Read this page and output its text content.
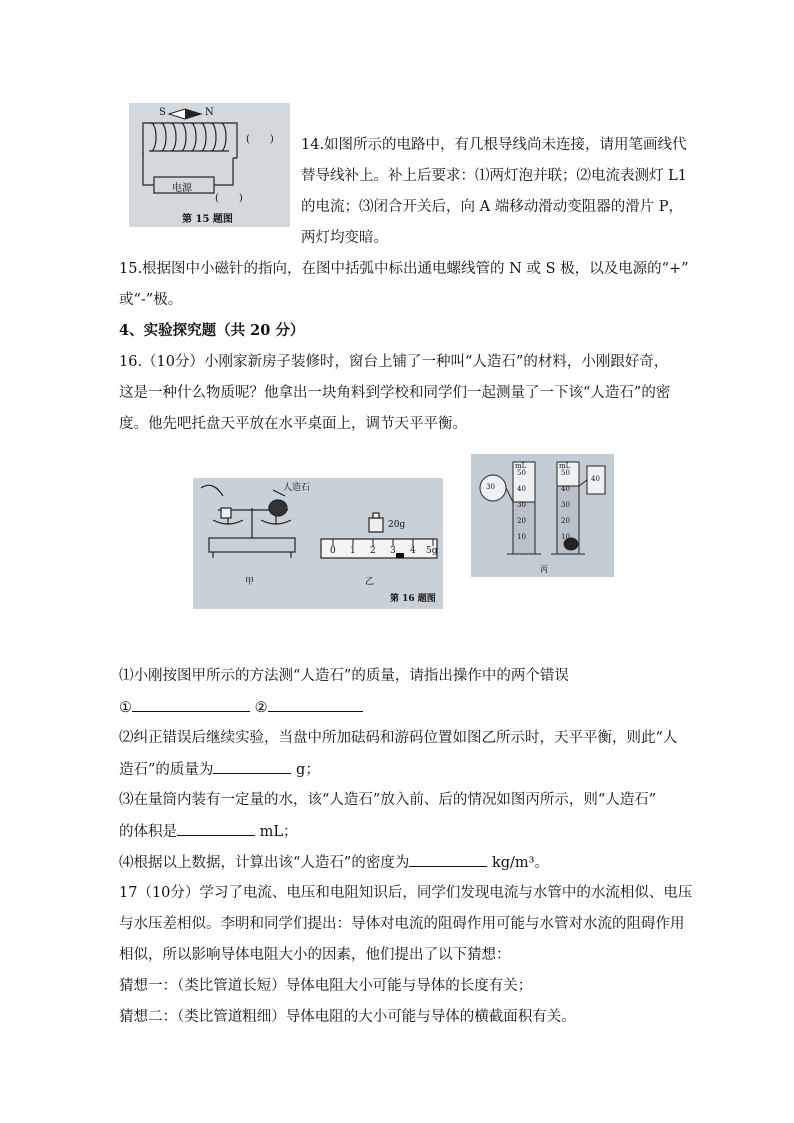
S	N
(　　)
电源
(　　)
第 15 题图
14.如图所示的电路中，有几根导线尚未连接，请用笔画线代
替导线补上。补上后要求：⑴两灯泡并联；⑵电流表测灯 L1
的电流；⑶闭合开关后，向 A 端移动滑动变阻器的滑片 P，
两灯均变暗。
15.根据图中小磁针的指向，在图中括弧中标出通电螺线管的 N 或 S 极，以及电源的“+”
或“-”极。
4、实验探究题（共 20 分）
16.（10分）小刚家新房子装修时，窗台上铺了一种叫“人造石”的材料，小刚跟好奇，
这是一种什么物质呢？他拿出一块角料到学校和同学们一起测量了一下该“人造石”的密
度。他先吧托盘天平放在水平桌面上，调节天平平衡。
人造石
20g
0 1 2 3 4 5g
甲	乙
第 16 题图
mL
50
40
30
20
10
mL
50
40
30
20
10
30
40
丙
⑴小刚按图甲所示的方法测“人造石”的质量，请指出操作中的两个错误
①	②
⑵纠正错误后继续实验，当盘中所加砝码和游码位置如图乙所示时，天平平衡，则此“人
造石”的质量为	g；
⑶在量筒内装有一定量的水，该“人造石”放入前、后的情况如图丙所示，则“人造石”
的体积是	mL；
⑷根据以上数据，计算出该“人造石”的密度为	kg/m³。
17（10分）学习了电流、电压和电阻知识后，同学们发现电流与水管中的水流相似、电压
与水压差相似。李明和同学们提出：导体对电流的阻碍作用可能与水管对水流的阻碍作用
相似，所以影响导体电阻大小的因素，他们提出了以下猜想：
猜想一：（类比管道长短）导体电阻大小可能与导体的长度有关；
猜想二：（类比管道粗细）导体电阻的大小可能与导体的横截面积有关。
